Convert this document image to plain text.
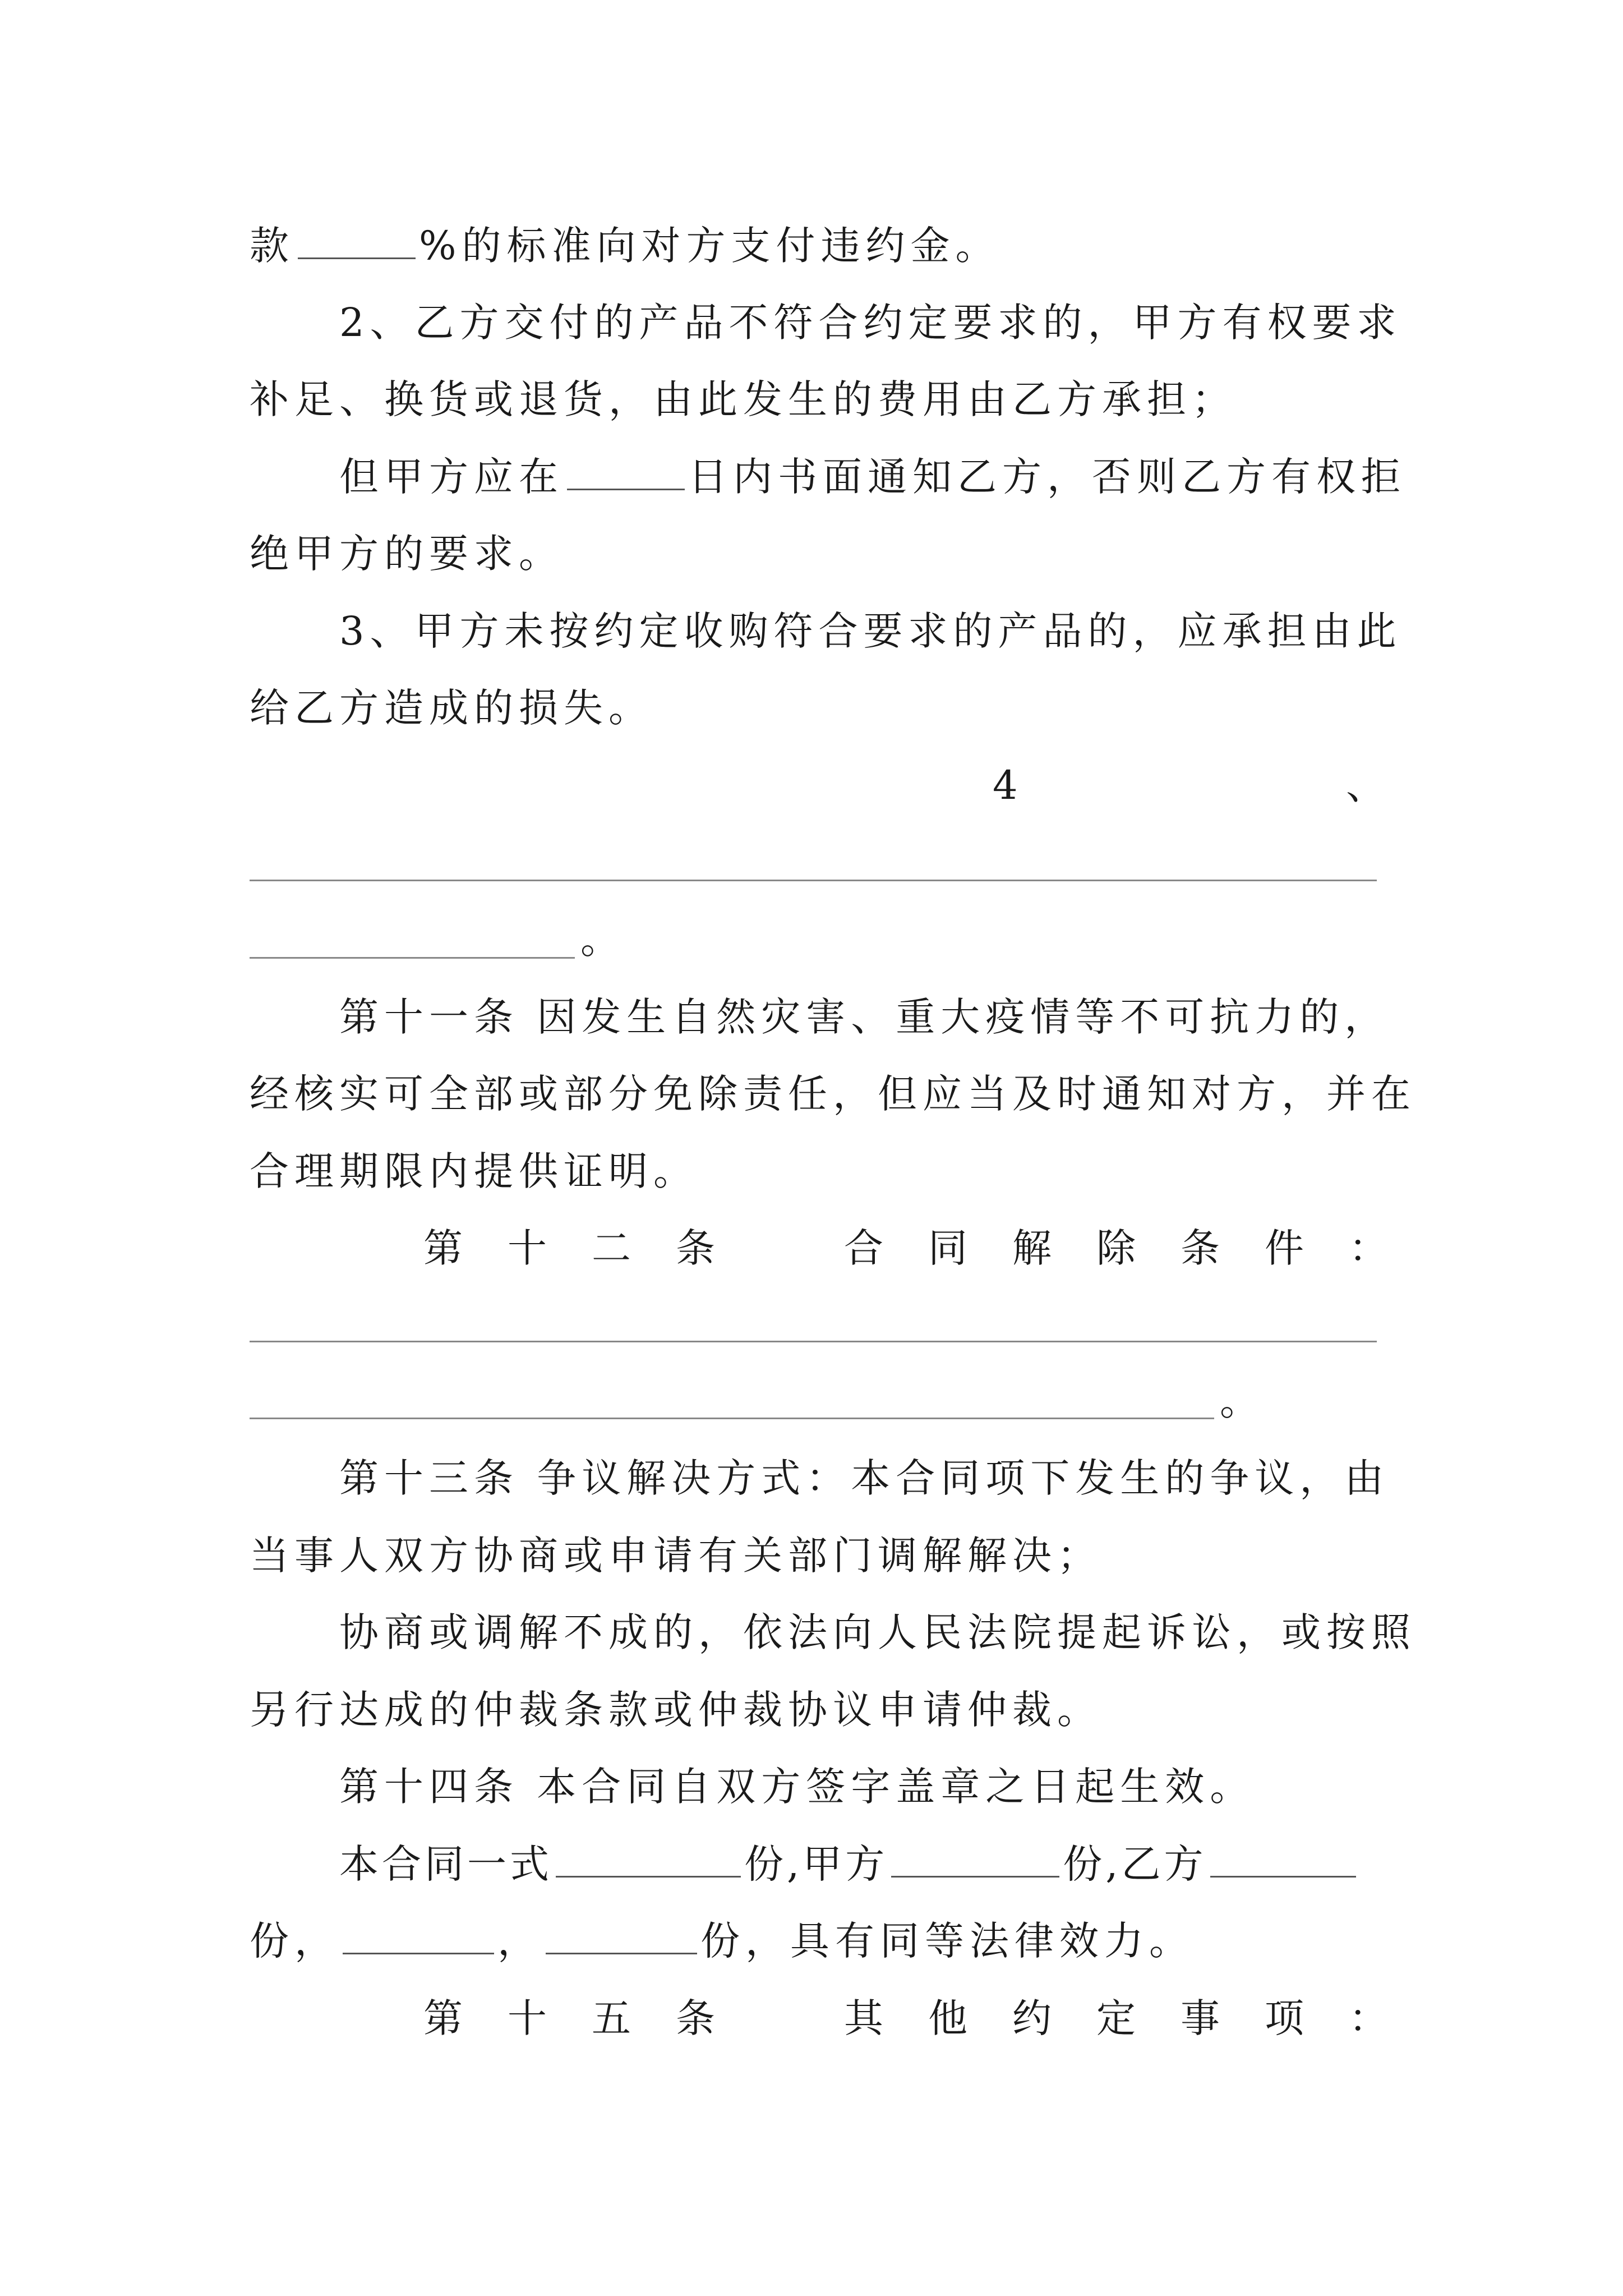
款	%的标准向对方支付违约金。
2、乙方交付的产品不符合约定要求的，甲方有权要求
补足、换货或退货，由此发生的费用由乙方承担；
但甲方应在	日内书面通知乙方，否则乙方有权拒
绝甲方的要求。
3、甲方未按约定收购符合要求的产品的，应承担由此
给乙方造成的损失。
4	、
。
第十一条 因发生自然灾害、重大疫情等不可抗力的，
经核实可全部或部分免除责任，但应当及时通知对方，并在
合理期限内提供证明。
第 十 二 条	合 同 解 除 条 件 ：
。
第十三条 争议解决方式：本合同项下发生的争议，由
当事人双方协商或申请有关部门调解解决；
协商或调解不成的，依法向人民法院提起诉讼，或按照
另行达成的仲裁条款或仲裁协议申请仲裁。
第十四条 本合同自双方签字盖章之日起生效。
本合同一式	份,甲方	份,乙方
份，	，	份，具有同等法律效力。
第 十 五 条	其 他 约 定 事 项 ：
